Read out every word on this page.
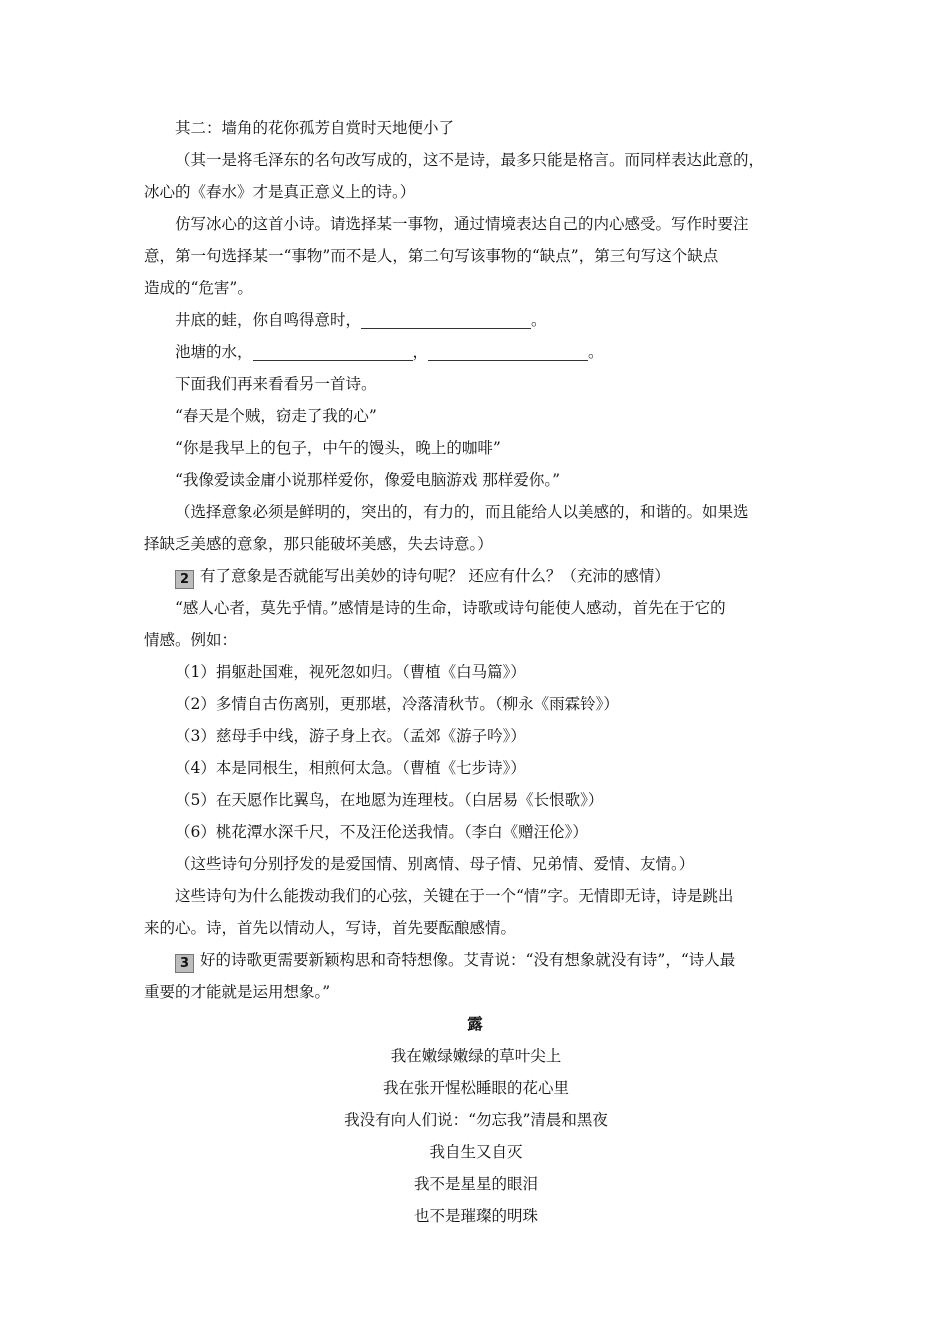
其二：墙角的花你孤芳自赏时天地便小了
（其一是将毛泽东的名句改写成的，这不是诗，最多只能是格言。而同样表达此意的，
冰心的《春水》才是真正意义上的诗。）
仿写冰心的这首小诗。请选择某一事物，通过情境表达自己的内心感受。写作时要注
意，第一句选择某一“事物”而不是人，第二句写该事物的“缺点”，第三句写这个缺点
造成的“危害”。
井底的蛙，你自鸣得意时，	。
池塘的水，	，	。
下面我们再来看看另一首诗。
“春天是个贼，窃走了我的心”
“你是我早上的包子，中午的馒头，晚上的咖啡”
“我像爱读金庸小说那样爱你，像爱电脑游戏 那样爱你。”
（选择意象必须是鲜明的，突出的，有力的，而且能给人以美感的，和谐的。如果选
择缺乏美感的意象，那只能破坏美感，失去诗意。）
2 有了意象是否就能写出美妙的诗句呢？ 还应有什么？（充沛的感情）
“感人心者，莫先乎情。”感情是诗的生命，诗歌或诗句能使人感动，首先在于它的
情感。例如：
（1）捐躯赴国难，视死忽如归。（曹植《白马篇》）
（2）多情自古伤离别，更那堪，冷落清秋节。（柳永《雨霖铃》）
（3）慈母手中线，游子身上衣。（孟郊《游子吟》）
（4）本是同根生，相煎何太急。（曹植《七步诗》）
（5）在天愿作比翼鸟，在地愿为连理枝。（白居易《长恨歌》）
（6）桃花潭水深千尺，不及汪伦送我情。（李白《赠汪伦》）
（这些诗句分别抒发的是爱国情、别离情、母子情、兄弟情、爱情、友情。）
这些诗句为什么能拨动我们的心弦，关键在于一个“情”字。无情即无诗，诗是跳出
来的心。诗，首先以情动人，写诗，首先要酝酿感情。
3 好的诗歌更需要新颖构思和奇特想像。艾青说：“没有想象就没有诗”，“诗人最
重要的才能就是运用想象。”
露
我在嫩绿嫩绿的草叶尖上
我在张开惺松睡眼的花心里
我没有向人们说：“勿忘我”清晨和黑夜
我自生又自灭
我不是星星的眼泪
也不是璀璨的明珠
